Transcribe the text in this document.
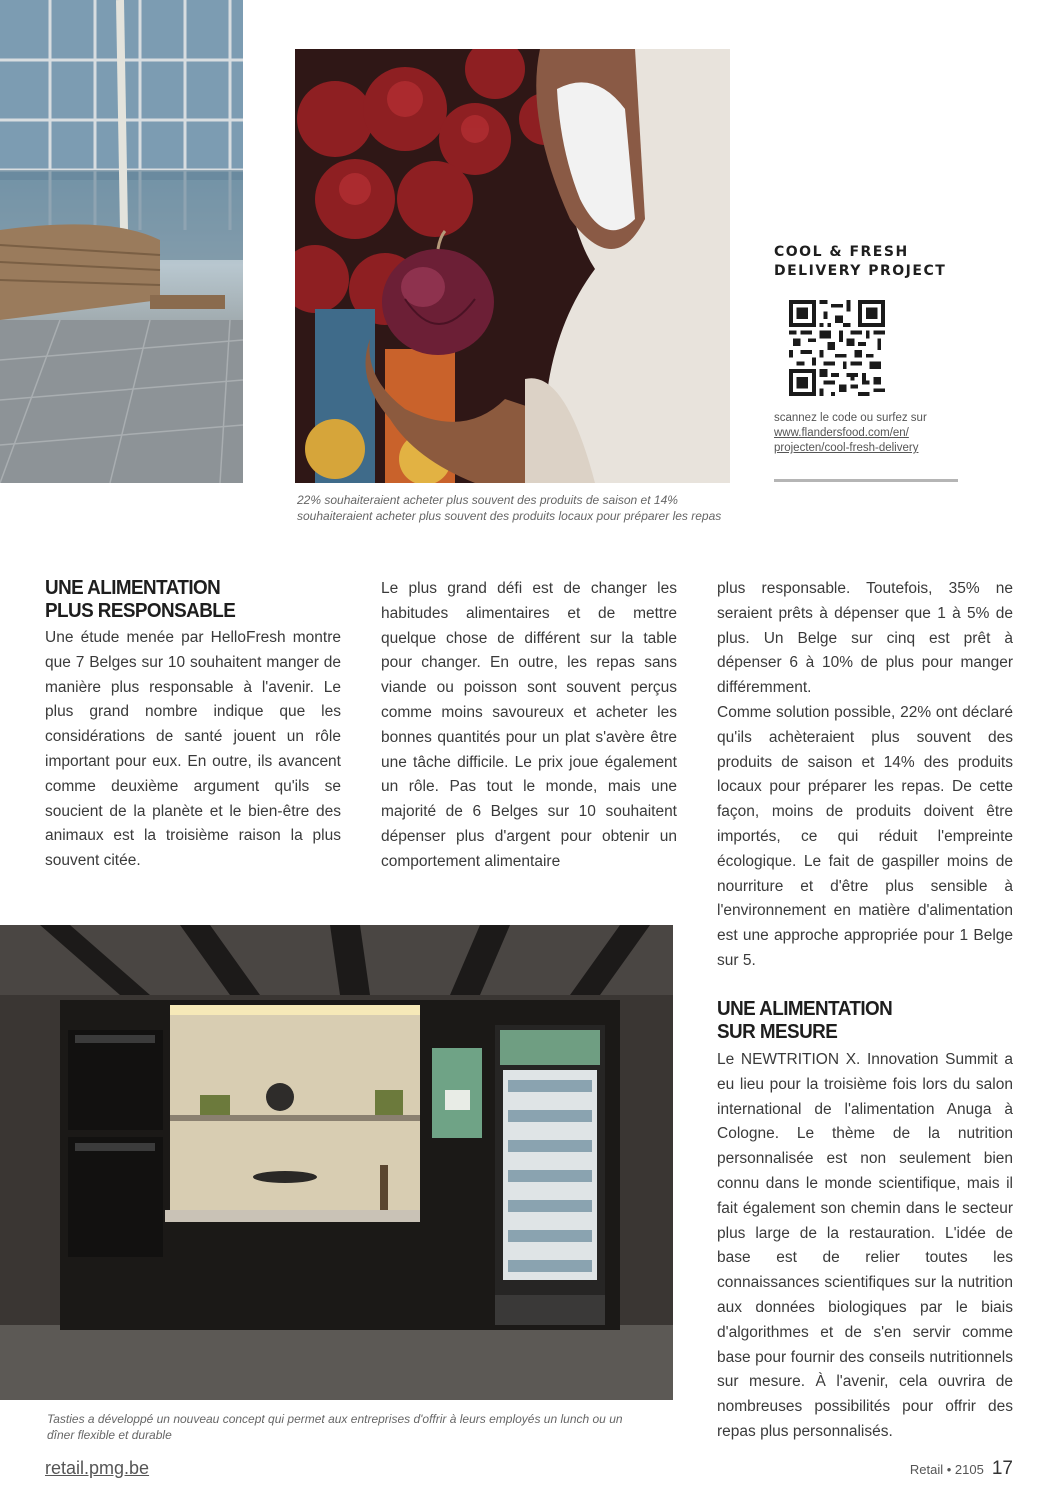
22% souhaiteraient acheter plus souvent des produits de saison et 14% souhaiteraient acheter plus souvent des produits locaux pour préparer les repas
COOL & FRESH
DELIVERY PROJECT
scannez le code ou surfez sur
www.flandersfood.com/en/
projecten/cool-fresh-delivery
UNE ALIMENTATION
PLUS RESPONSABLE

Une étude menée par HelloFresh montre que 7 Belges sur 10 souhaitent manger de manière plus responsable à l'avenir. Le plus grand nombre indique que les considérations de santé jouent un rôle important pour eux. En outre, ils avancent comme deuxième argument qu'ils se soucient de la planète et le bien-être des animaux est la troisième raison la plus souvent citée.

Le plus grand défi est de changer les habitudes alimentaires et de mettre quelque chose de différent sur la table pour changer. En outre, les repas sans viande ou poisson sont souvent perçus comme moins savoureux et acheter les bonnes quantités pour un plat s'avère être une tâche difficile. Le prix joue également un rôle. Pas tout le monde, mais une majorité de 6 Belges sur 10 souhaitent dépenser plus d'argent pour obtenir un comportement alimentaire

plus responsable. Toutefois, 35% ne seraient prêts à dépenser que 1 à 5% de plus. Un Belge sur cinq est prêt à dépenser 6 à 10% de plus pour manger différemment.

Comme solution possible, 22% ont déclaré qu'ils achèteraient plus souvent des produits de saison et 14% des produits locaux pour préparer les repas. De cette façon, moins de produits doivent être importés, ce qui réduit l'empreinte écologique. Le fait de gaspiller moins de nourriture et d'être plus sensible à l'environnement en matière d'alimentation est une approche appropriée pour 1 Belge sur 5.

UNE ALIMENTATION
SUR MESURE

Le NEWTRITION X. Innovation Summit a eu lieu pour la troisième fois lors du salon international de l'alimentation Anuga à Cologne. Le thème de la nutrition personnalisée est non seulement bien connu dans le monde scientifique, mais il fait également son chemin dans le secteur plus large de la restauration. L'idée de base est de relier toutes les connaissances scientifiques sur la nutrition aux données biologiques par le biais d'algorithmes et de s'en servir comme base pour fournir des conseils nutritionnels sur mesure. À l'avenir, cela ouvrira de nombreuses possibilités pour offrir des repas plus personnalisés.

Tasties a développé un nouveau concept qui permet aux entreprises d'offrir à leurs employés un lunch ou un dîner flexible et durable
retail.pmg.be	Retail • 2105 17
